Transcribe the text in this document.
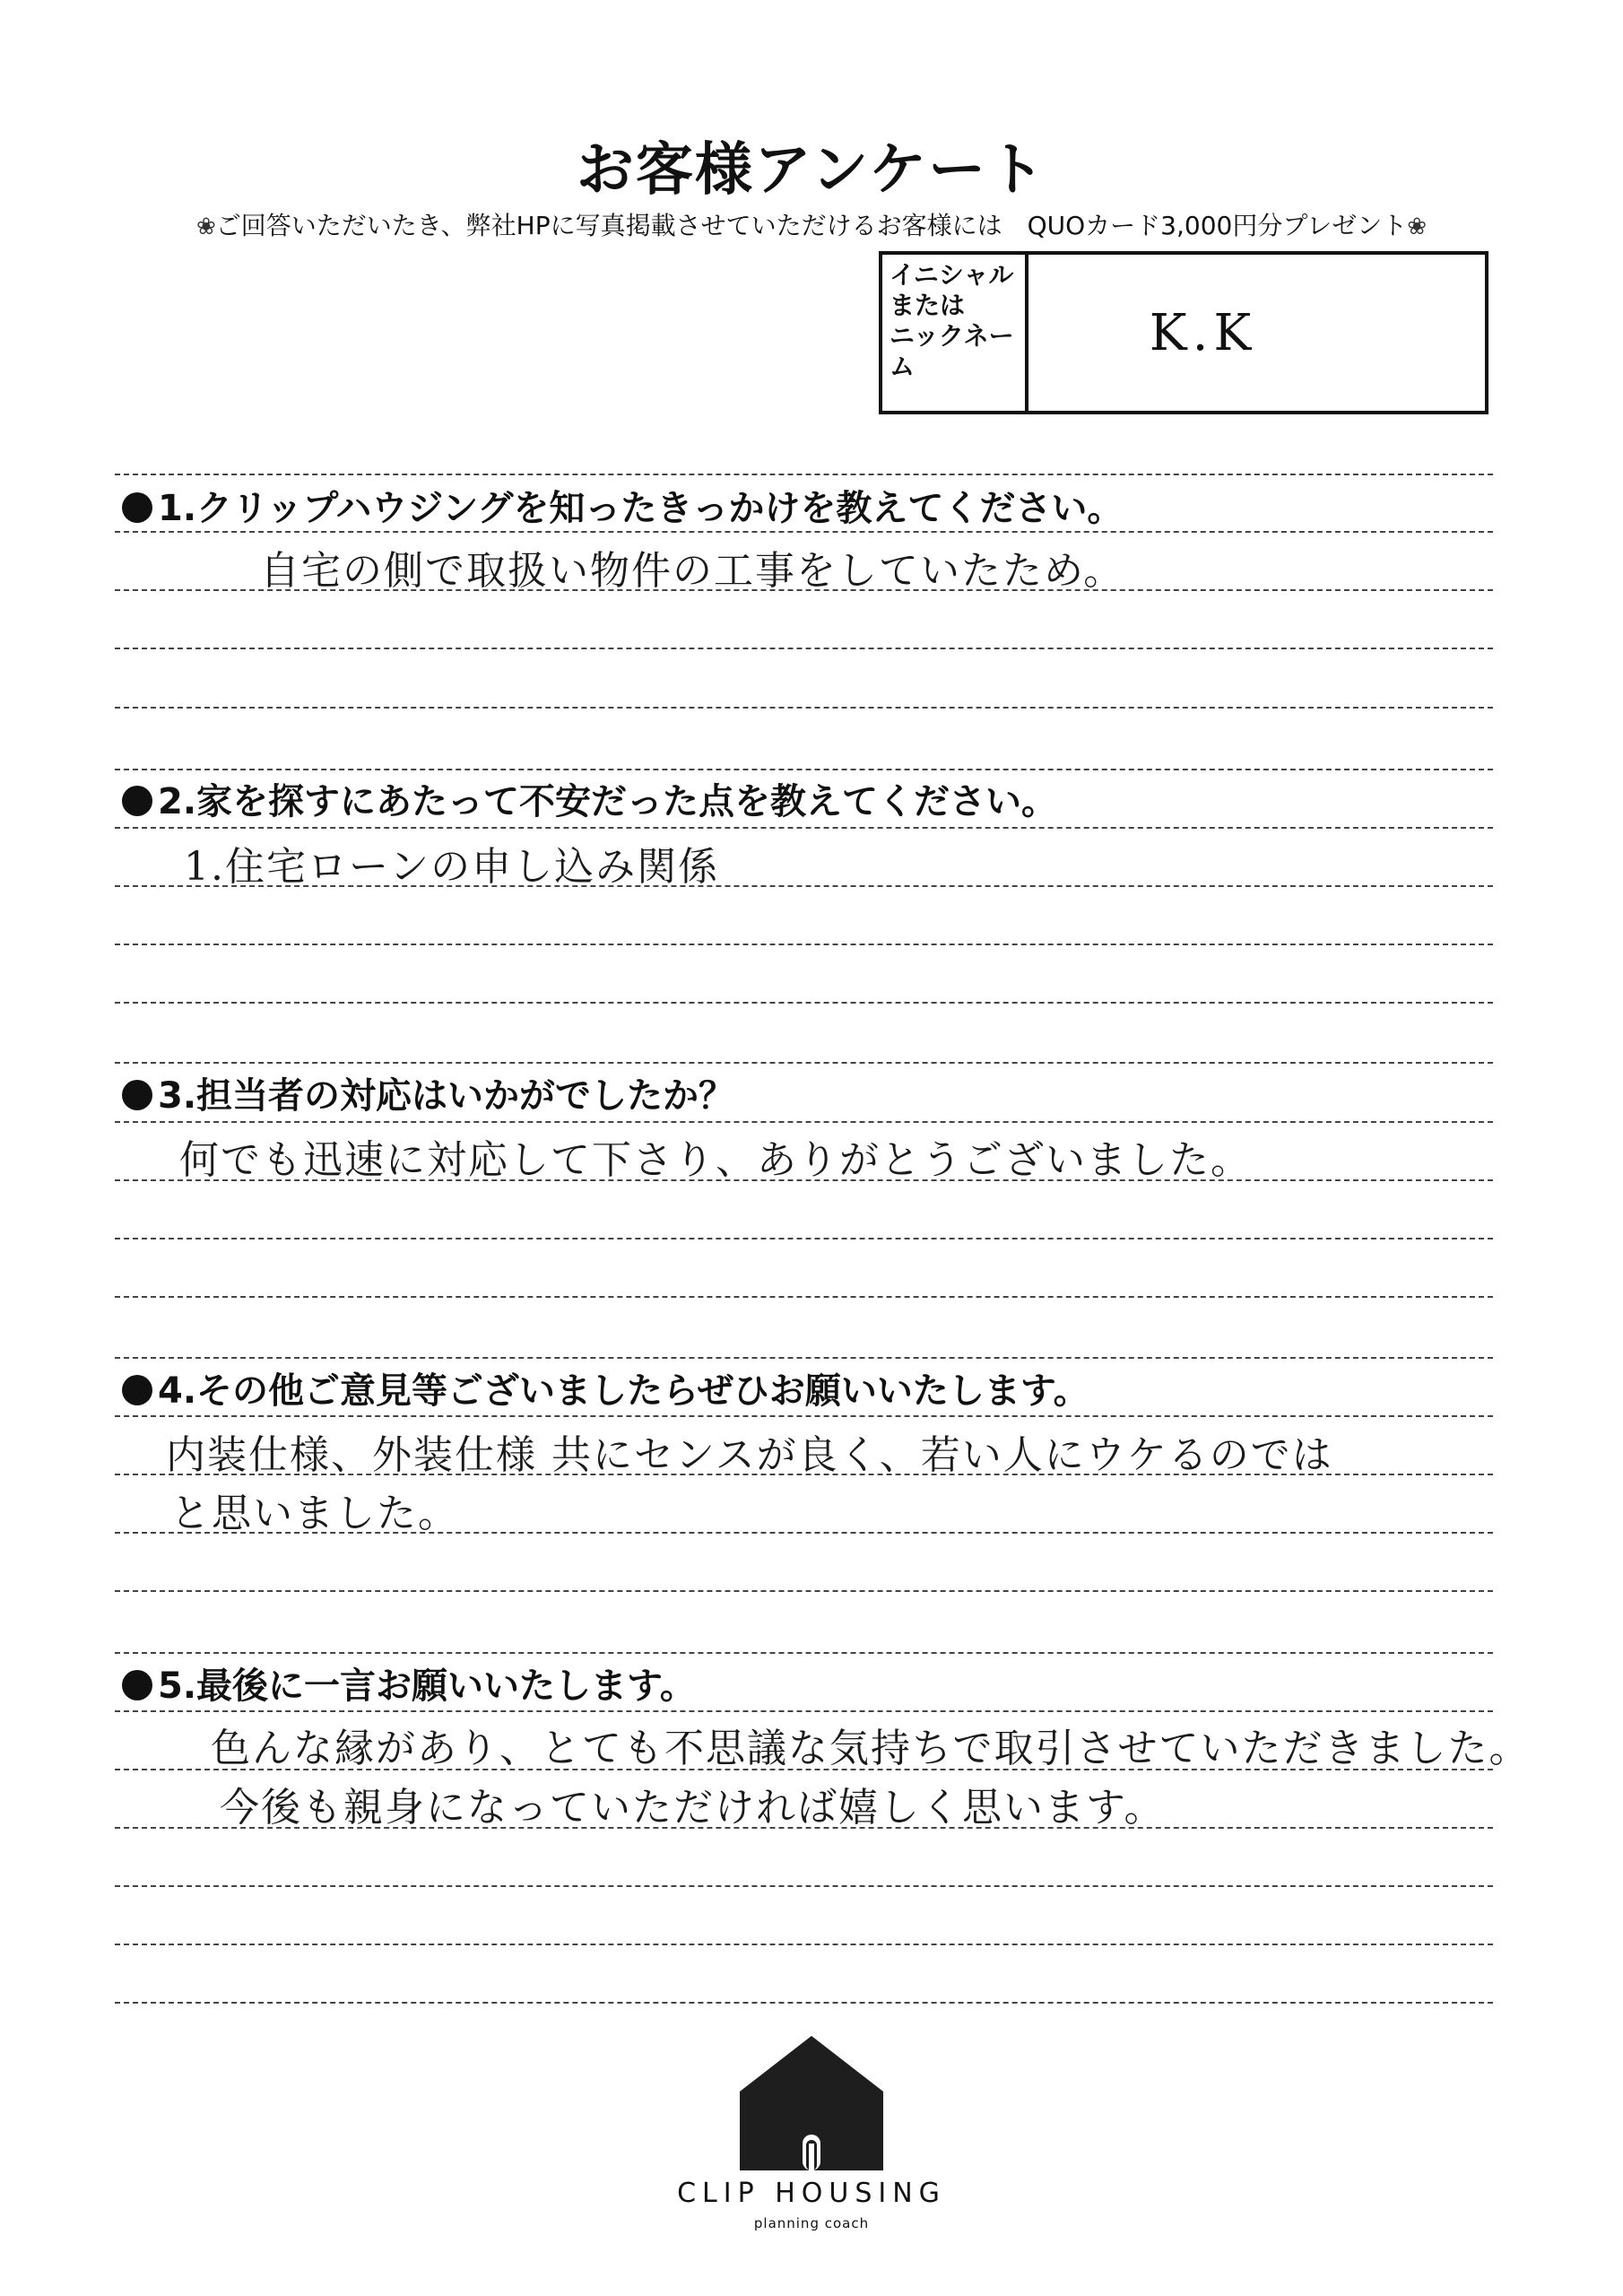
お客様アンケート
❀ご回答いただいたき、弊社HPに写真掲載させていただけるお客様には　QUOカード3,000円分プレゼント❀
イニシャル
または
ニックネー
ム
K.K
1.クリップハウジングを知ったきっかけを教えてください。
自宅の側で取扱い物件の工事をしていたため。
2.家を探すにあたって不安だった点を教えてください。
1.住宅ローンの申し込み関係
3.担当者の対応はいかがでしたか？
何でも迅速に対応して下さり、ありがとうございました。
4.その他ご意見等ございましたらぜひお願いいたします。
内装仕様、外装仕様 共にセンスが良く、若い人にウケるのでは
と思いました。
5.最後に一言お願いいたします。
色んな縁があり、とても不思議な気持ちで取引させていただきました。
今後も親身になっていただければ嬉しく思います。
CLIP HOUSING
planning coach
